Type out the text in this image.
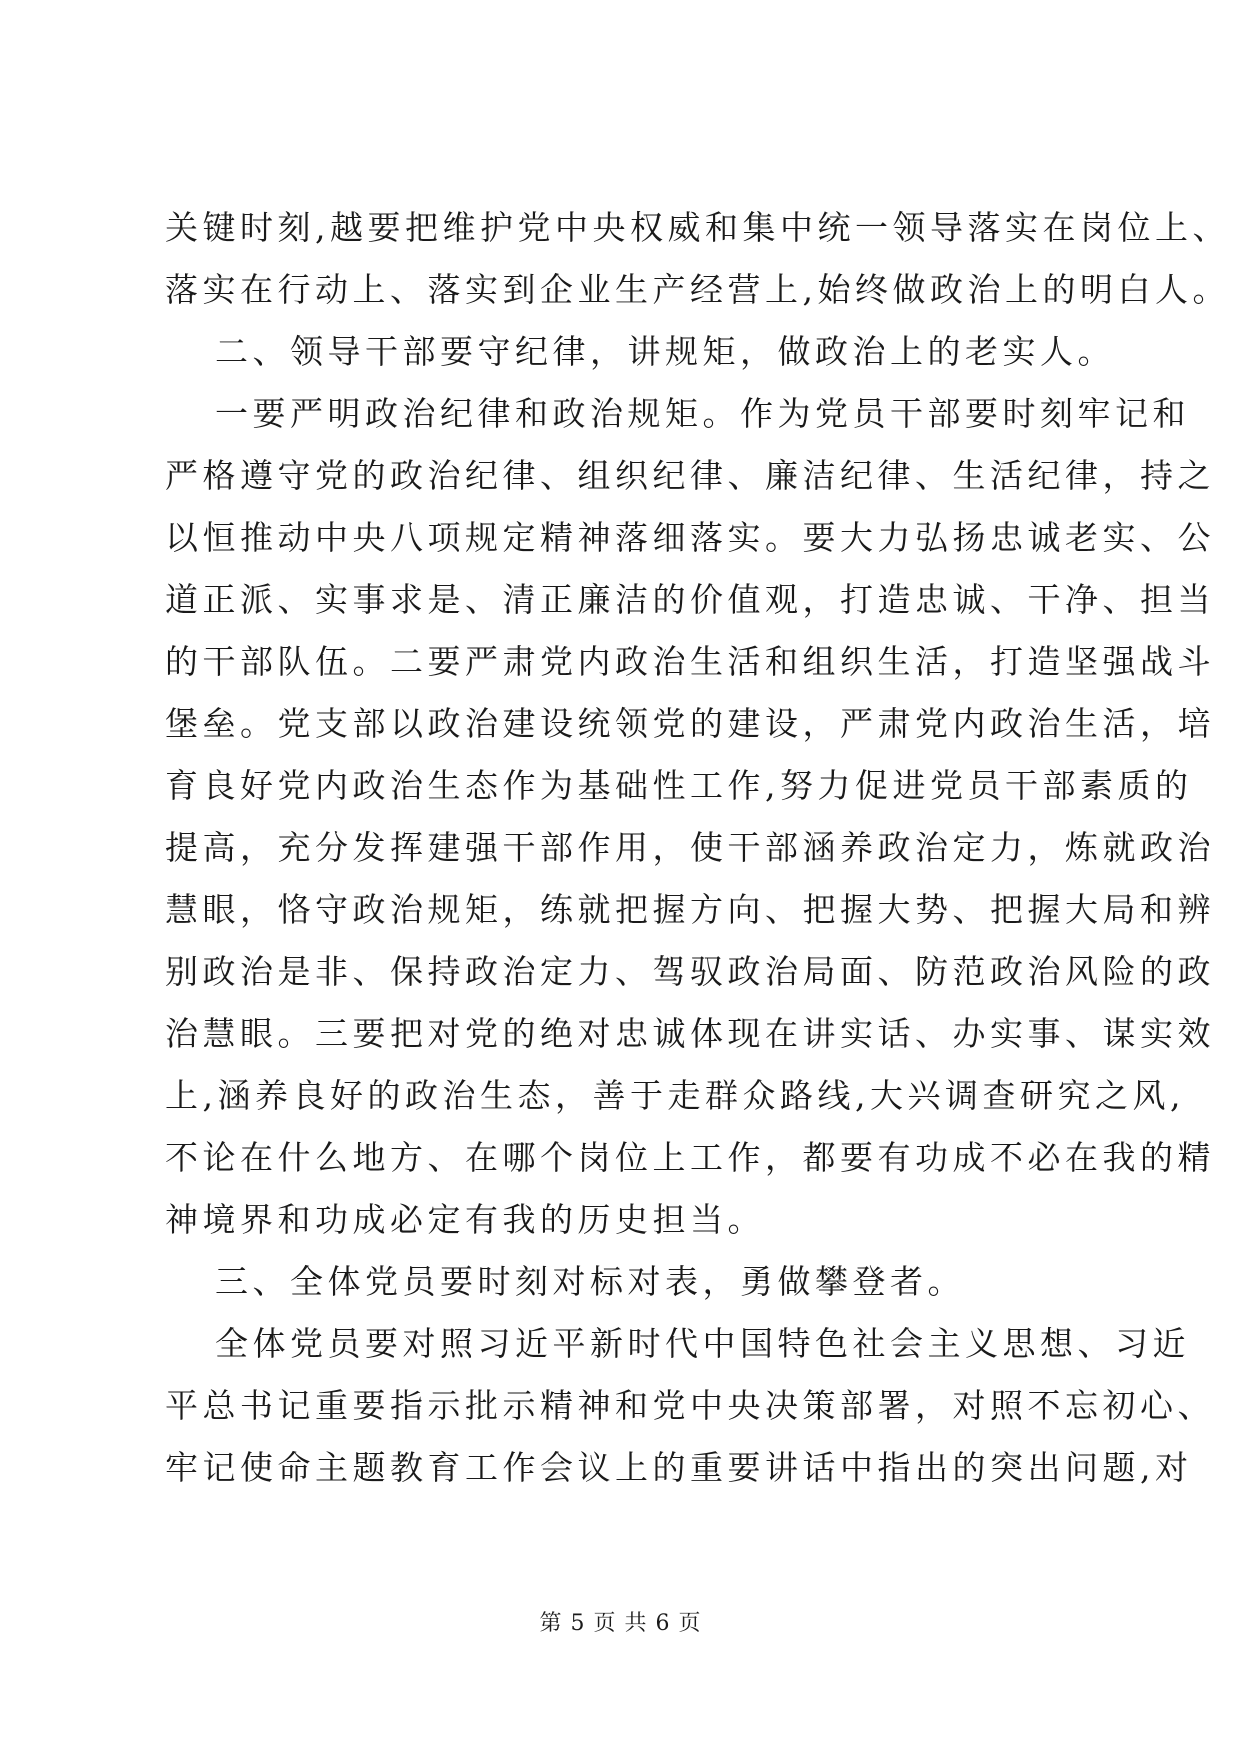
关键时刻,越要把维护党中央权威和集中统一领导落实在岗位上、
落实在行动上、落实到企业生产经营上,始终做政治上的明白人。
二、领导干部要守纪律，讲规矩，做政治上的老实人。
一要严明政治纪律和政治规矩。作为党员干部要时刻牢记和
严格遵守党的政治纪律、组织纪律、廉洁纪律、生活纪律，持之
以恒推动中央八项规定精神落细落实。要大力弘扬忠诚老实、公
道正派、实事求是、清正廉洁的价值观，打造忠诚、干净、担当
的干部队伍。二要严肃党内政治生活和组织生活，打造坚强战斗
堡垒。党支部以政治建设统领党的建设，严肃党内政治生活，培
育良好党内政治生态作为基础性工作,努力促进党员干部素质的
提高，充分发挥建强干部作用，使干部涵养政治定力，炼就政治
慧眼，恪守政治规矩，练就把握方向、把握大势、把握大局和辨
别政治是非、保持政治定力、驾驭政治局面、防范政治风险的政
治慧眼。三要把对党的绝对忠诚体现在讲实话、办实事、谋实效
上,涵养良好的政治生态，善于走群众路线,大兴调查研究之风,
不论在什么地方、在哪个岗位上工作，都要有功成不必在我的精
神境界和功成必定有我的历史担当。
三、全体党员要时刻对标对表，勇做攀登者。
全体党员要对照习近平新时代中国特色社会主义思想、习近
平总书记重要指示批示精神和党中央决策部署，对照不忘初心、
牢记使命主题教育工作会议上的重要讲话中指出的突出问题,对
第 5 页 共 6 页
